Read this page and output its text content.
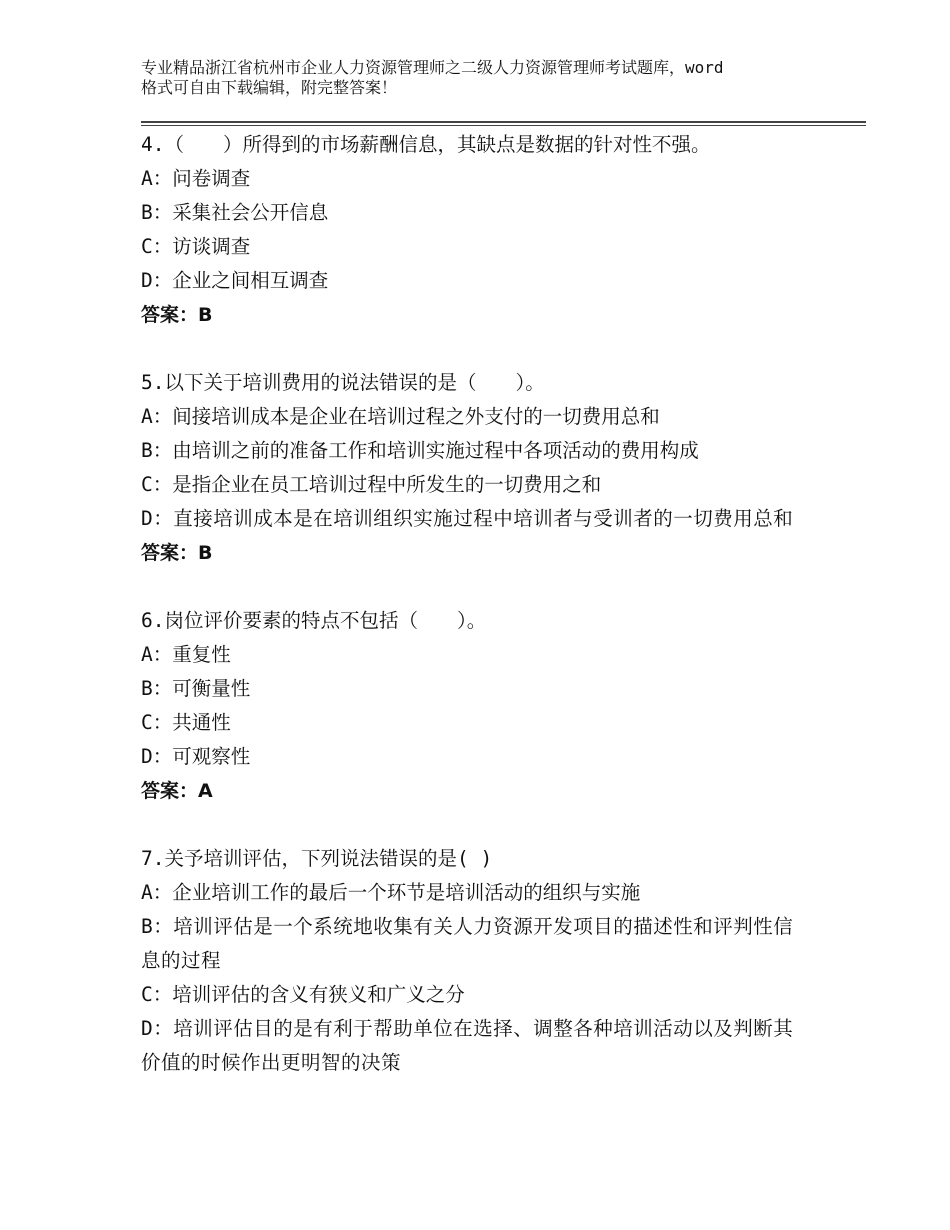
专业精品浙江省杭州市企业人力资源管理师之二级人力资源管理师考试题库，word
格式可自由下载编辑，附完整答案！
4.（　　）所得到的市场薪酬信息，其缺点是数据的针对性不强。
A：问卷调查
B：采集社会公开信息
C：访谈调查
D：企业之间相互调查
答案：B
5.以下关于培训费用的说法错误的是（　　）。
A：间接培训成本是企业在培训过程之外支付的一切费用总和
B：由培训之前的准备工作和培训实施过程中各项活动的费用构成
C：是指企业在员工培训过程中所发生的一切费用之和
D：直接培训成本是在培训组织实施过程中培训者与受训者的一切费用总和
答案：B
6.岗位评价要素的特点不包括（　　）。
A：重复性
B：可衡量性
C：共通性
D：可观察性
答案：A
7.关予培训评估，下列说法错误的是( )
A：企业培训工作的最后一个环节是培训活动的组织与实施
B：培训评估是一个系统地收集有关人力资源开发项目的描述性和评判性信息的过程
C：培训评估的含义有狭义和广义之分
D：培训评估目的是有利于帮助单位在选择、调整各种培训活动以及判断其价值的时候作出更明智的决策
